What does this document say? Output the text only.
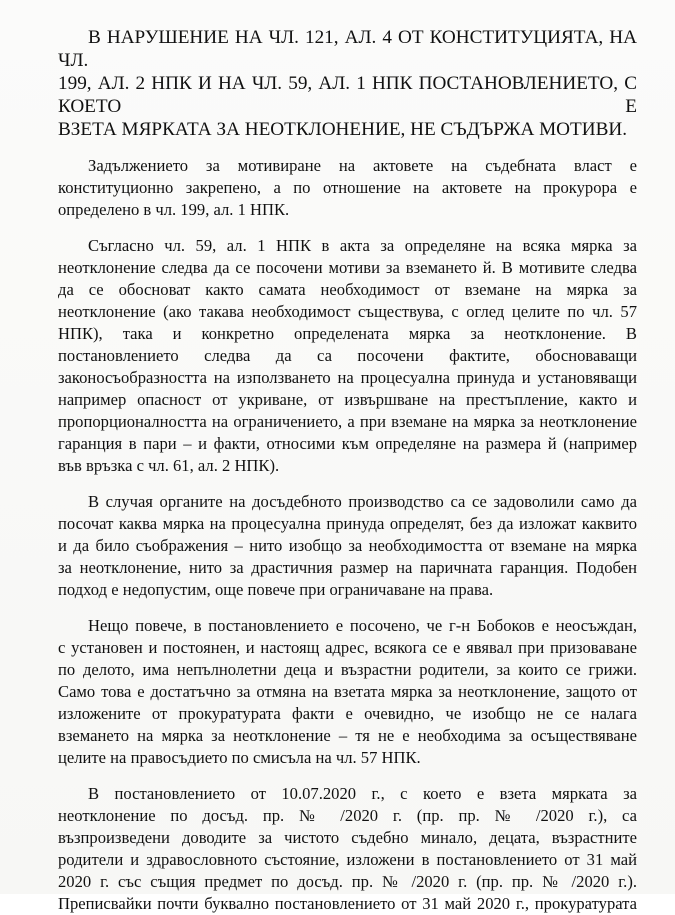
В НАРУШЕНИЕ НА ЧЛ. 121, АЛ. 4 ОТ КОНСТИТУЦИЯТА, НА ЧЛ.
199, АЛ. 2 НПК И НА ЧЛ. 59, АЛ. 1 НПК ПОСТАНОВЛЕНИЕТО, С КОЕТО Е
ВЗЕТА МЯРКАТА ЗА НЕОТКЛОНЕНИЕ, НЕ СЪДЪРЖА МОТИВИ.
Задължението за мотивиране на актовете на съдебната власт е
конституционно закрепено, а по отношение на актовете на прокурора е
определено в чл. 199, ал. 1 НПК.
Съгласно чл. 59, ал. 1 НПК в акта за определяне на всяка мярка за
неотклонение следва да се посочени мотиви за вземането й. В мотивите следва
да се обосноват както самата необходимост от вземане на мярка за
неотклонение (ако такава необходимост съществува, с оглед целите по чл. 57
НПК), така и конкретно определената мярка за неотклонение. В
постановлението следва да са посочени фактите, обосноваващи
законосъобразността на използването на процесуална принуда и установяващи
например опасност от укриване, от извършване на престъпление, както и
пропорционалността на ограничението, а при вземане на мярка за неотклонение
гаранция в пари – и факти, относими към определяне на размера й (например
във връзка с чл. 61, ал. 2 НПК).
В случая органите на досъдебното производство са се задоволили само да
посочат каква мярка на процесуална принуда определят, без да изложат каквито
и да било съображения – нито изобщо за необходимостта от вземане на мярка
за неотклонение, нито за драстичния размер на паричната гаранция. Подобен
подход е недопустим, още повече при ограничаване на права.
Нещо повече, в постановлението е посочено, че г-н Бобоков е неосъждан,
с установен и постоянен, и настоящ адрес, всякога се е явявал при призоваване
по делото, има непълнолетни деца и възрастни родители, за които се грижи.
Само това е достатъчно за отмяна на взетата мярка за неотклонение, защото от
изложените от прокуратурата факти е очевидно, че изобщо не се налага
вземането на мярка за неотклонение – тя не е необходима за осъществяване
целите на правосъдието по смисъла на чл. 57 НПК.
В постановлението от 10.07.2020 г., с което е взета мярката за
неотклонение по досъд. пр. № /2020 г. (пр. пр. № /2020 г.), са
възпроизведени доводите за чистото съдебно минало, децата, възрастните
родители и здравословното състояние, изложени в постановлението от 31 май
2020 г. със същия предмет по досъд. пр. № /2020 г. (пр. пр. № /2020 г.).
Преписвайки почти буквално постановлението от 31 май 2020 г., прокуратурата
